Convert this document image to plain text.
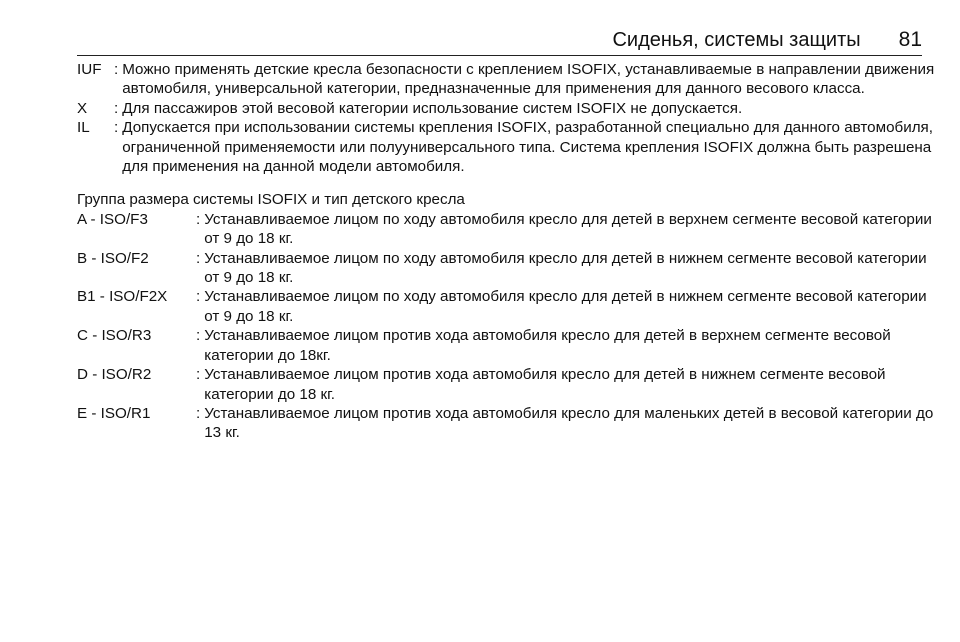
Сиденья, системы защиты 81
IUF : Можно применять детские кресла безопасности с креплением ISOFIX, устанавливаемые в направлении движения автомобиля, универсальной категории, предназначенные для применения для данного весового класса.
X	: Для пассажиров этой весовой категории использование систем ISOFIX не допускается.
IL	: Допускается при использовании системы крепления ISOFIX, разработанной специально для данного автомобиля, ограниченной применяемости или полууниверсального типа. Система крепления ISOFIX должна быть разрешена для применения на данной модели автомобиля.
Группа размера системы ISOFIX и тип детского кресла
A - ISO/F3	: Устанавливаемое лицом по ходу автомобиля кресло для детей в верхнем сегменте весовой категории от 9 до 18 кг.
B - ISO/F2	: Устанавливаемое лицом по ходу автомобиля кресло для детей в нижнем сегменте весовой категории от 9 до 18 кг.
B1 - ISO/F2X	: Устанавливаемое лицом по ходу автомобиля кресло для детей в нижнем сегменте весовой категории от 9 до 18 кг.
C - ISO/R3	: Устанавливаемое лицом против хода автомобиля кресло для детей в верхнем сегменте весовой категории до 18кг.
D - ISO/R2	: Устанавливаемое лицом против хода автомобиля кресло для детей в нижнем сегменте весовой категории до 18 кг.
E - ISO/R1	: Устанавливаемое лицом против хода автомобиля кресло для маленьких детей в весовой категории до 13 кг.
